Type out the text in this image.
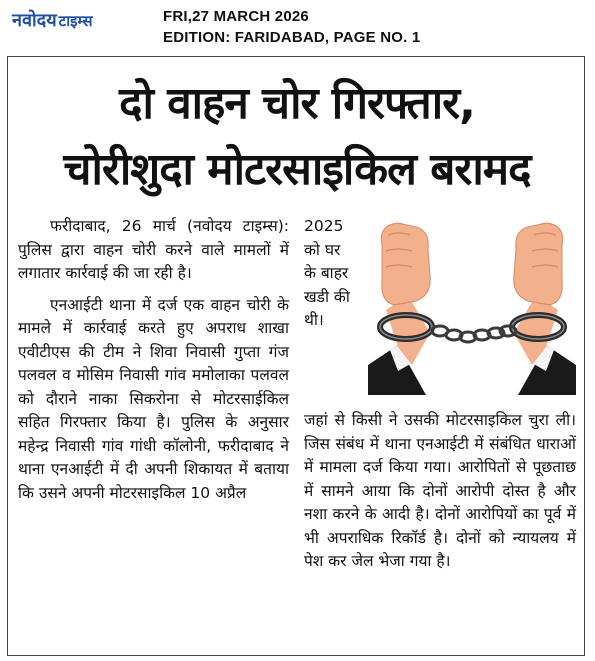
नवोदय टाइम्स	FRI,27 MARCH 2026
EDITION: FARIDABAD, PAGE NO. 1
दो वाहन चोर गिरफ्तार,
चोरीशुदा मोटरसाइकिल बरामद

फरीदाबाद, 26 मार्च (नवोदय टाइम्स): पुलिस द्वारा वाहन चोरी करने वाले मामलों में लगातार कार्रवाई की जा रही है।

एनआईटी थाना में दर्ज एक वाहन चोरी के मामले में कार्रवाई करते हुए अपराध शाखा एवीटीएस की टीम ने शिवा निवासी गुप्ता गंज पलवल व मोसिम निवासी गांव ममोलाका पलवल को दौराने नाका सिकरोना से मोटरसाईकिल सहित गिरफ्तार किया है। पुलिस के अनुसार महेन्द्र निवासी गांव गांधी कॉलोनी, फरीदाबाद ने थाना एनआईटी में दी अपनी शिकायत में बताया कि उसने अपनी मोटरसाइकिल 10 अप्रैल

2025 को घर के बाहर खडी की थी।

जहां से किसी ने उसकी मोटरसाइकिल चुरा ली। जिस संबंध में थाना एनआईटी में संबंधित धाराओं में मामला दर्ज किया गया। आरोपितों से पूछताछ में सामने आया कि दोनों आरोपी दोस्त है और नशा करने के आदी है। दोनों आरोपियों का पूर्व में भी अपराधिक रिकॉर्ड है। दोनों को न्यायलय में पेश कर जेल भेजा गया है।
